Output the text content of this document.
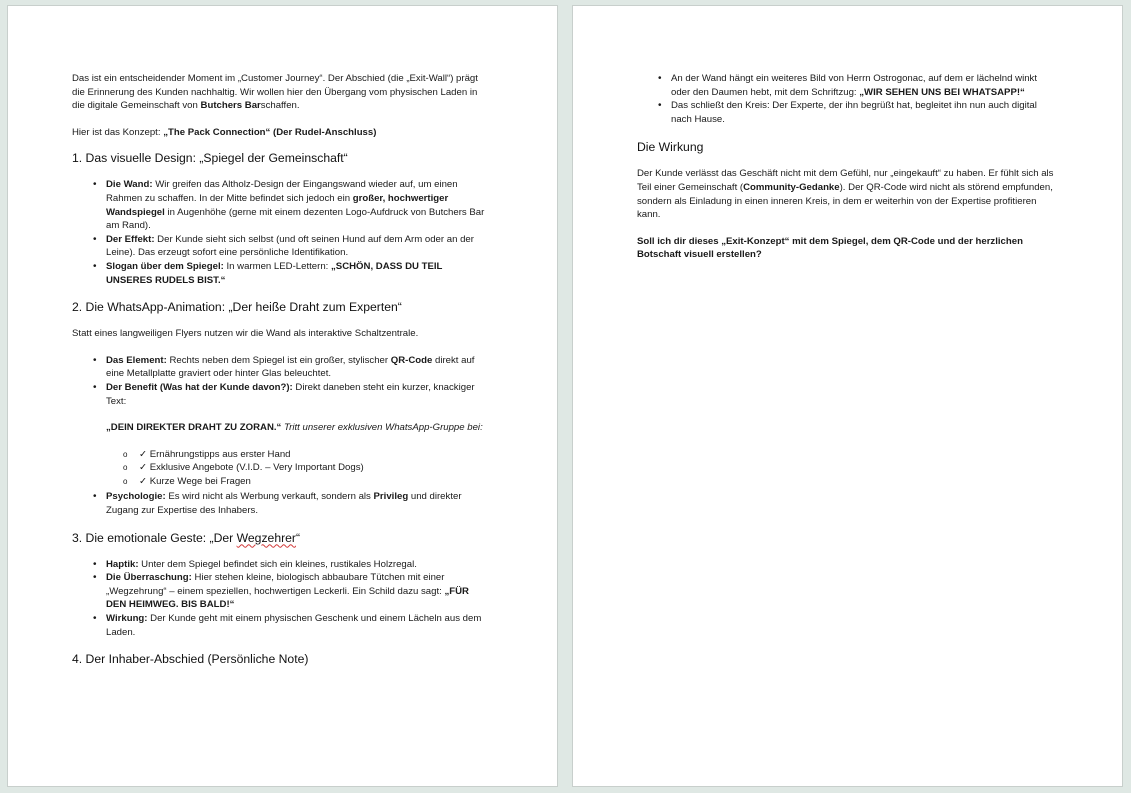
Das ist ein entscheidender Moment im „Customer Journey“. Der Abschied (die „Exit-Wall“) prägt die Erinnerung des Kunden nachhaltig. Wir wollen hier den Übergang vom physischen Laden in die digitale Gemeinschaft von Butchers Barschaffen.

Hier ist das Konzept: „The Pack Connection“ (Der Rudel-Anschluss)

1. Das visuelle Design: „Spiegel der Gemeinschaft“
• Die Wand: Wir greifen das Altholz-Design der Eingangswand wieder auf, um einen Rahmen zu schaffen. In der Mitte befindet sich jedoch ein großer, hochwertiger Wandspiegel in Augenhöhe (gerne mit einem dezenten Logo-Aufdruck von Butchers Bar am Rand).
• Der Effekt: Der Kunde sieht sich selbst (und oft seinen Hund auf dem Arm oder an der Leine). Das erzeugt sofort eine persönliche Identifikation.
• Slogan über dem Spiegel: In warmen LED-Lettern: „SCHÖN, DASS DU TEIL UNSERES RUDELS BIST.“
2. Die WhatsApp-Animation: „Der heiße Draht zum Experten“

Statt eines langweiligen Flyers nutzen wir die Wand als interaktive Schaltzentrale.

• Das Element: Rechts neben dem Spiegel ist ein großer, stylischer QR-Code direkt auf eine Metallplatte graviert oder hinter Glas beleuchtet.
• Der Benefit (Was hat der Kunde davon?): Direkt daneben steht ein kurzer, knackiger Text:
„DEIN DIREKTER DRAHT ZU ZORAN.“ Tritt unserer exklusiven WhatsApp-Gruppe bei:
o ✓ Ernährungstipps aus erster Hand
o ✓ Exklusive Angebote (V.I.D. – Very Important Dogs)
o ✓ Kurze Wege bei Fragen
• Psychologie: Es wird nicht als Werbung verkauft, sondern als Privileg und direkter Zugang zur Expertise des Inhabers.
3. Die emotionale Geste: „Der Wegzehrer“
• Haptik: Unter dem Spiegel befindet sich ein kleines, rustikales Holzregal.
• Die Überraschung: Hier stehen kleine, biologisch abbaubare Tütchen mit einer „Wegzehrung“ – einem speziellen, hochwertigen Leckerli. Ein Schild dazu sagt: „FÜR DEN HEIMWEG. BIS BALD!“
• Wirkung: Der Kunde geht mit einem physischen Geschenk und einem Lächeln aus dem Laden.
4. Der Inhaber-Abschied (Persönliche Note)
• An der Wand hängt ein weiteres Bild von Herrn Ostrogonac, auf dem er lächelnd winkt oder den Daumen hebt, mit dem Schriftzug: „WIR SEHEN UNS BEI WHATSAPP!“
• Das schließt den Kreis: Der Experte, der ihn begrüßt hat, begleitet ihn nun auch digital nach Hause.
Die Wirkung

Der Kunde verlässt das Geschäft nicht mit dem Gefühl, nur „eingekauft“ zu haben. Er fühlt sich als Teil einer Gemeinschaft (Community-Gedanke). Der QR-Code wird nicht als störend empfunden, sondern als Einladung in einen inneren Kreis, in dem er weiterhin von der Expertise profitieren kann.

Soll ich dir dieses „Exit-Konzept“ mit dem Spiegel, dem QR-Code und der herzlichen Botschaft visuell erstellen?
